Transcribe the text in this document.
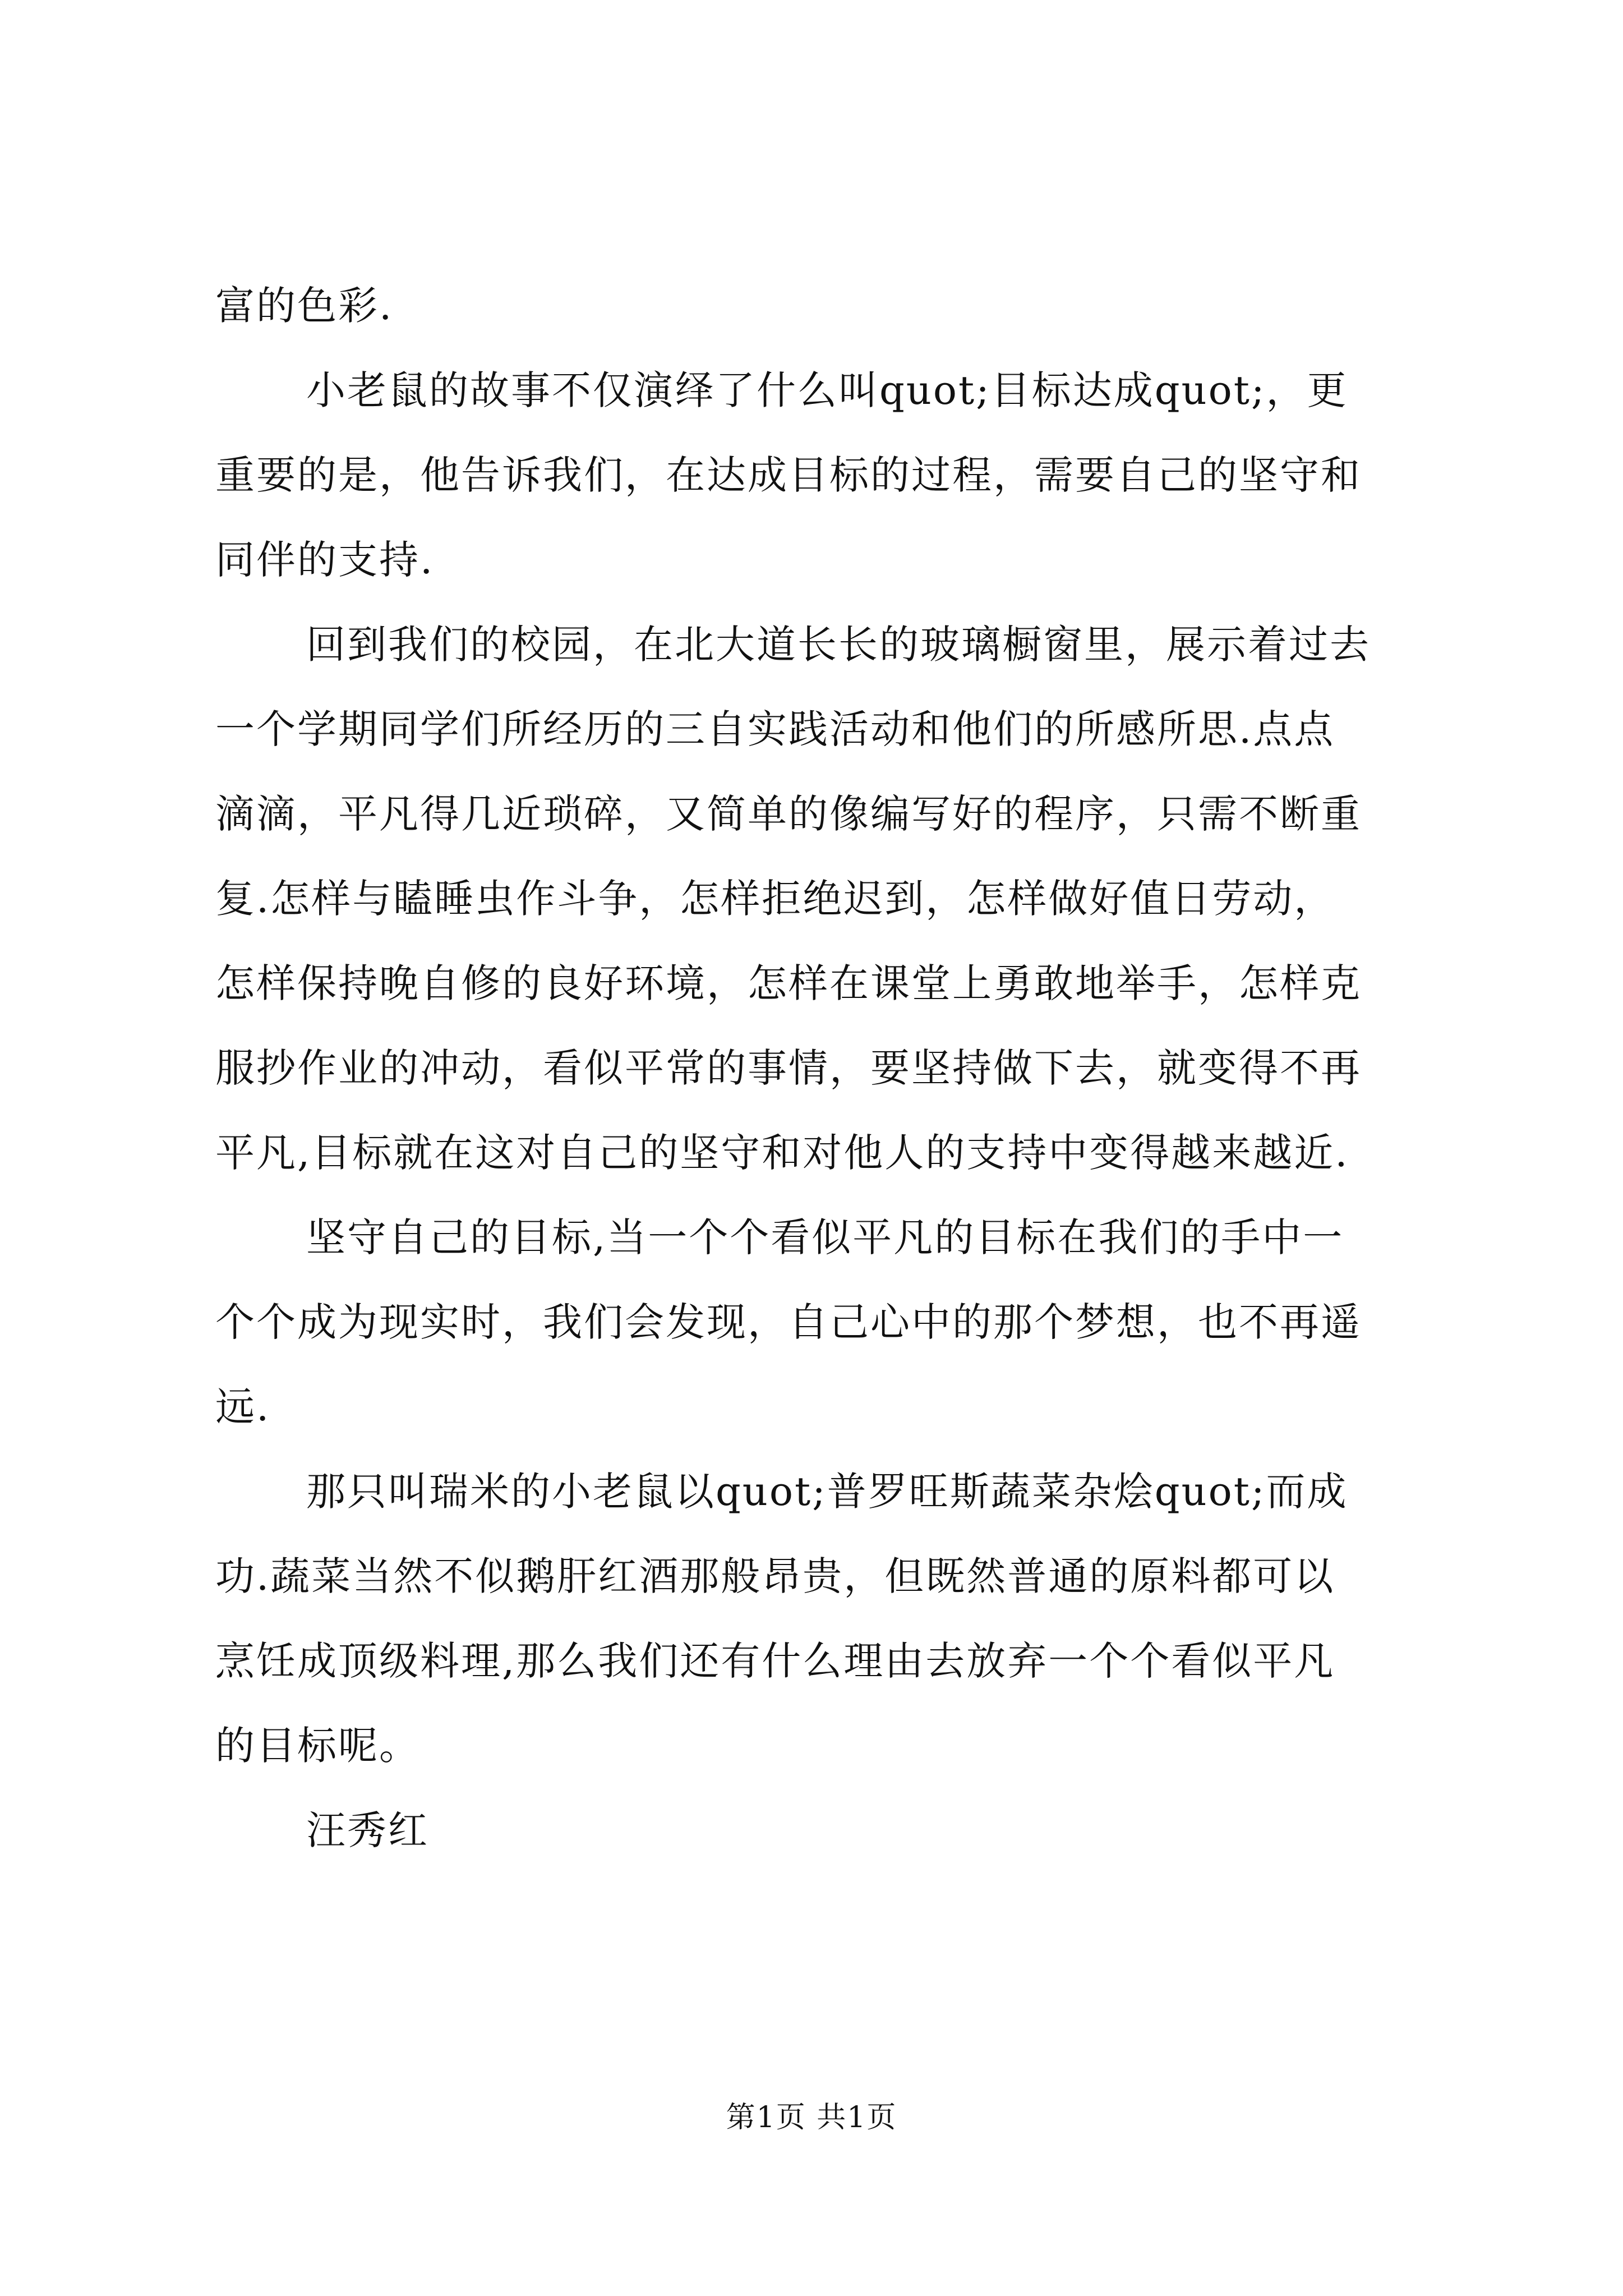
富的色彩.
小老鼠的故事不仅演绎了什么叫quot;目标达成quot;，更
重要的是，他告诉我们，在达成目标的过程，需要自己的坚守和
同伴的支持.
回到我们的校园，在北大道长长的玻璃橱窗里，展示着过去
一个学期同学们所经历的三自实践活动和他们的所感所思.点点
滴滴，平凡得几近琐碎，又简单的像编写好的程序，只需不断重
复.怎样与瞌睡虫作斗争，怎样拒绝迟到，怎样做好值日劳动，
怎样保持晚自修的良好环境，怎样在课堂上勇敢地举手，怎样克
服抄作业的冲动，看似平常的事情，要坚持做下去，就变得不再
平凡,目标就在这对自己的坚守和对他人的支持中变得越来越近.
坚守自己的目标,当一个个看似平凡的目标在我们的手中一
个个成为现实时，我们会发现，自己心中的那个梦想，也不再遥
远.
那只叫瑞米的小老鼠以quot;普罗旺斯蔬菜杂烩quot;而成
功.蔬菜当然不似鹅肝红酒那般昂贵，但既然普通的原料都可以
烹饪成顶级料理,那么我们还有什么理由去放弃一个个看似平凡
的目标呢。
汪秀红
第1页 共1页
